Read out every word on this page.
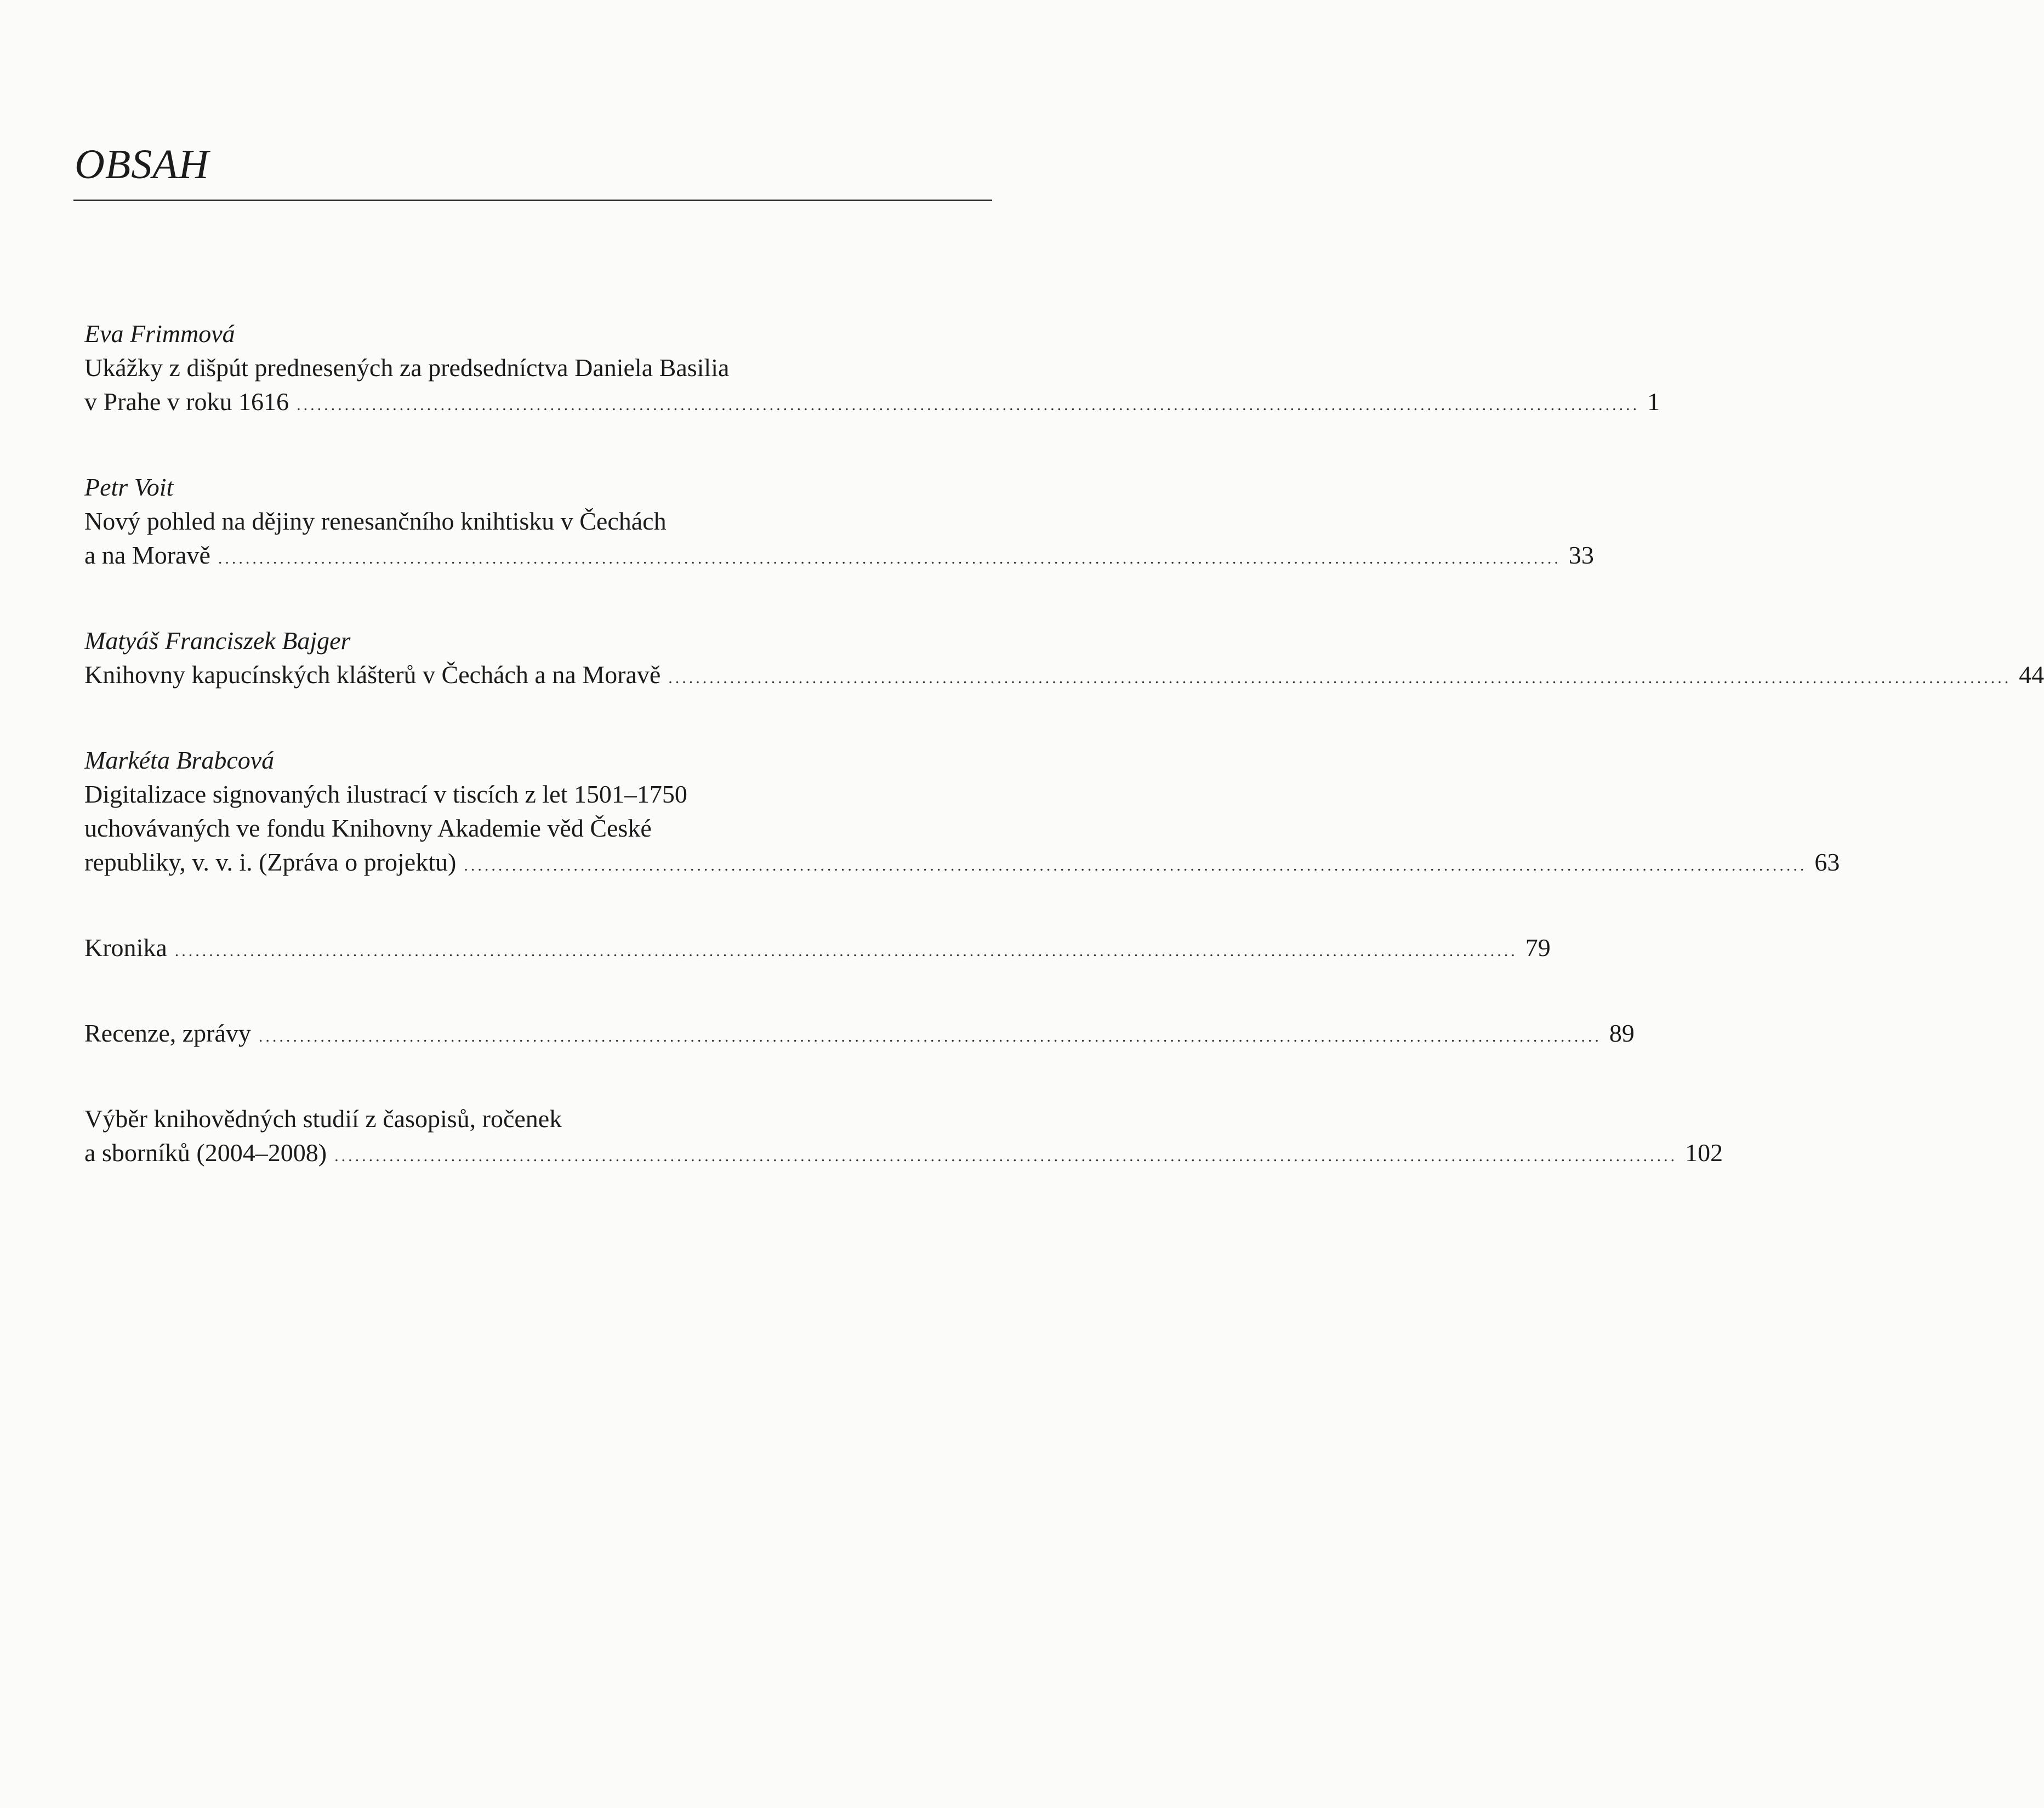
OBSAH
Eva Frimmová
Ukážky z dišpút prednesených za predsedníctva Daniela Basilia
v Prahe v roku 1616 .................................................................................................................................................................................................... 1
Petr Voit
Nový pohled na dějiny renesančního knihtisku v Čechách
a na Moravě .................................................................................................................................................................................................... 33
Matyáš Franciszek Bajger
Knihovny kapucínských klášterů v Čechách a na Moravě .................................................................................................................................................................................................... 44
Markéta Brabcová
Digitalizace signovaných ilustrací v tiscích z let 1501–1750
uchovávaných ve fondu Knihovny Akademie věd České
republiky, v. v. i. (Zpráva o projektu) .................................................................................................................................................................................................... 63
Kronika .................................................................................................................................................................................................... 79
Recenze, zprávy .................................................................................................................................................................................................... 89
Výběr knihovědných studií z časopisů, ročenek
a sborníků (2004–2008) .................................................................................................................................................................................................... 102
